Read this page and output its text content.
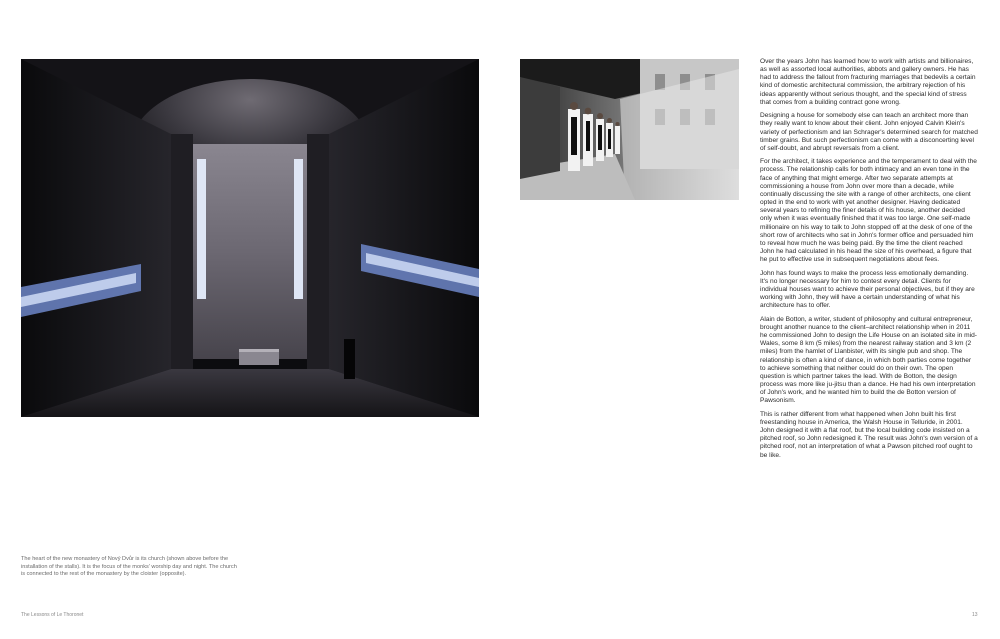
The heart of the new monastery of Nový Dvůr is its church (shown above before the installation of the stalls). It is the focus of the monks' worship day and night. The church is connected to the rest of the monastery by the cloister (opposite).

Over the years John has learned how to work with artists and billionaires, as well as assorted local authorities, abbots and gallery owners. He has had to address the fallout from fracturing marriages that bedevils a certain kind of domestic architectural commission, the arbitrary rejection of his ideas apparently without serious thought, and the special kind of stress that comes from a building contract gone wrong.

Designing a house for somebody else can teach an architect more than they really want to know about their client. John enjoyed Calvin Klein's variety of perfectionism and Ian Schrager's determined search for matched timber grains. But such perfectionism can come with a disconcerting level of self-doubt, and abrupt reversals from a client.

For the architect, it takes experience and the temperament to deal with the process. The relationship calls for both intimacy and an even tone in the face of anything that might emerge. After two separate attempts at commissioning a house from John over more than a decade, while continually discussing the site with a range of other architects, one client opted in the end to work with yet another designer. Having dedicated several years to refining the finer details of his house, another decided only when it was eventually finished that it was too large. One self-made millionaire on his way to talk to John stopped off at the desk of one of the short row of architects who sat in John's former office and persuaded him to reveal how much he was being paid. By the time the client reached John he had calculated in his head the size of his overhead, a figure that he put to effective use in subsequent negotiations about fees.

John has found ways to make the process less emotionally demanding. It's no longer necessary for him to contest every detail. Clients for individual houses want to achieve their personal objectives, but if they are working with John, they will have a certain understanding of what his architecture has to offer.

Alain de Botton, a writer, student of philosophy and cultural entrepreneur, brought another nuance to the client–architect relationship when in 2011 he commissioned John to design the Life House on an isolated site in mid-Wales, some 8 km (5 miles) from the nearest railway station and 3 km (2 miles) from the hamlet of Llanbister, with its single pub and shop. The relationship is often a kind of dance, in which both parties come together to achieve something that neither could do on their own. The open question is which partner takes the lead. With de Botton, the design process was more like ju-jitsu than a dance. He had his own interpretation of John's work, and he wanted him to build the de Botton version of Pawsonism.

This is rather different from what happened when John built his first freestanding house in America, the Walsh House in Telluride, in 2001. John designed it with a flat roof, but the local building code insisted on a pitched roof, so John redesigned it. The result was John's own version of a pitched roof, not an interpretation of what a Pawson pitched roof ought to be like.

The Lessons of Le Thoronet	13
